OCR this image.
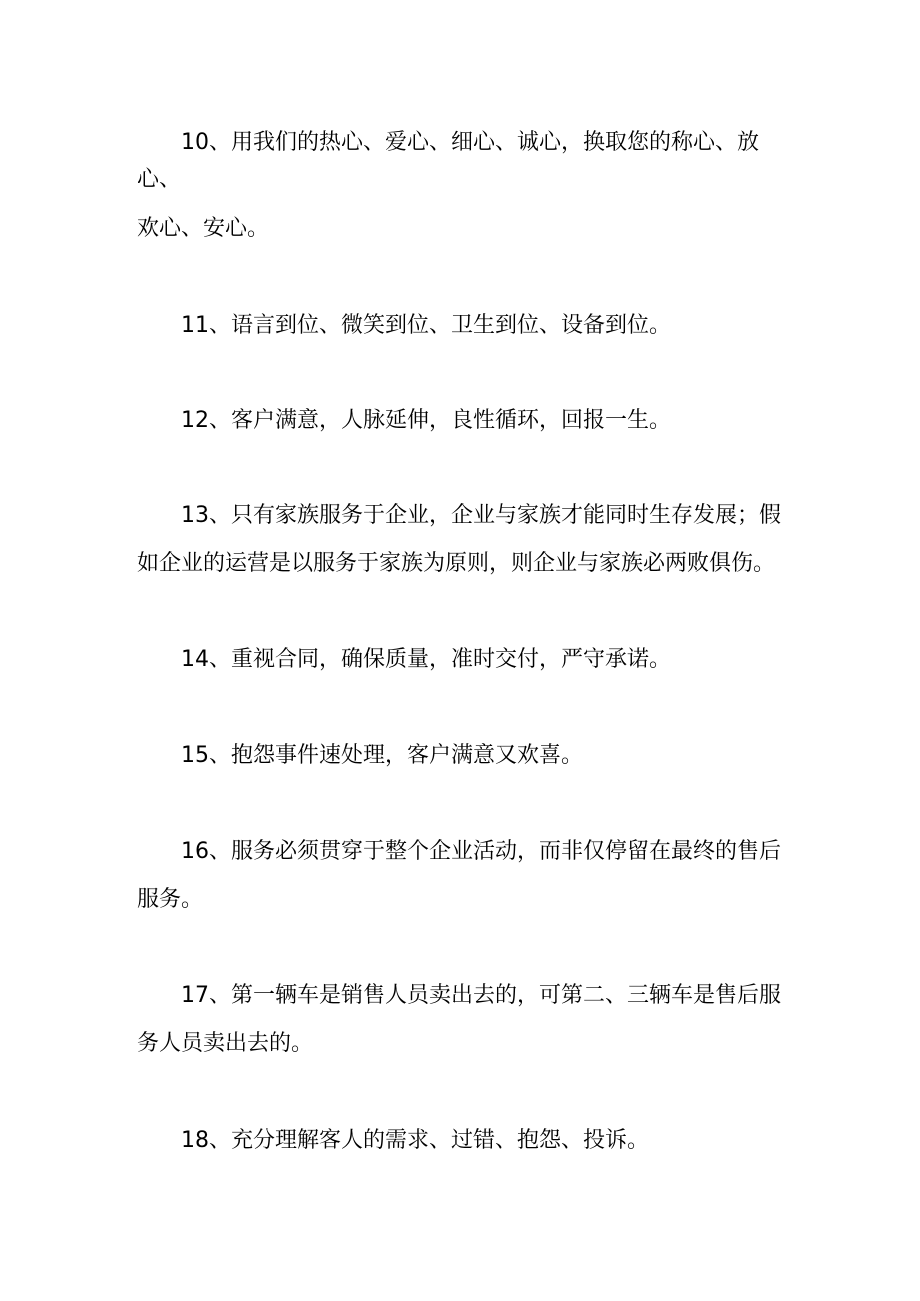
10、用我们的热心、爱心、细心、诚心，换取您的称心、放
心、
欢心、安心。
11、语言到位、微笑到位、卫生到位、设备到位。
12、客户满意，人脉延伸，良性循环，回报一生。
13、只有家族服务于企业，企业与家族才能同时生存发展；假
如企业的运营是以服务于家族为原则，则企业与家族必两败俱伤。
14、重视合同，确保质量，准时交付，严守承诺。
15、抱怨事件速处理，客户满意又欢喜。
16、服务必须贯穿于整个企业活动，而非仅停留在最终的售后
服务。
17、第一辆车是销售人员卖出去的，可第二、三辆车是售后服
务人员卖出去的。
18、充分理解客人的需求、过错、抱怨、投诉。
